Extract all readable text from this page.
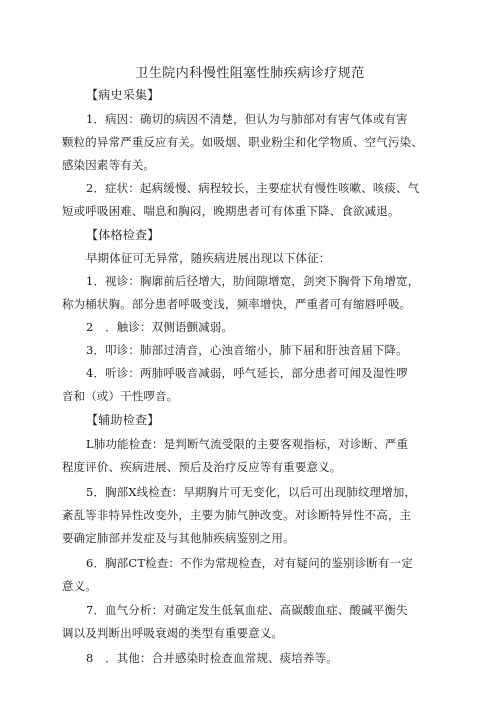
卫生院内科慢性阻塞性肺疾病诊疗规范
【病史采集】
1．病因：确切的病因不清楚，但认为与肺部对有害气体或有害
颗粒的异常严重反应有关。如吸烟、职业粉尘和化学物质、空气污染、
感染因素等有关。
2．症状：起病缓慢、病程较长，主要症状有慢性咳嗽、咳痰、气
短或呼吸困难、喘息和胸闷，晚期患者可有体重下降、食欲减退。
【体格检查】
早期体征可无异常，随疾病进展出现以下体征：
1．视诊：胸廓前后径增大，肋间隙增宽，剑突下胸骨下角增宽，
称为桶状胸。部分患者呼吸变浅，频率增快，严重者可有缩唇呼吸。
2　．触诊：双侧语颤减弱。
3．叩诊：肺部过清音，心浊音缩小，肺下届和肝浊音届下降。
4．听诊：两肺呼吸音减弱，呼气延长，部分患者可闻及湿性啰
音和（或）干性啰音。
【辅助检查】
L肺功能检查：是判断气流受限的主要客观指标，对诊断、严重
程度评价、疾病进展、预后及治疗反应等有重要意义。
5．胸部X线检查：早期胸片可无变化，以后可出现肺纹理增加，
紊乱等非特异性改变外，主要为肺气肿改变。对诊断特异性不高，主
要确定肺部并发症及与其他肺疾病鉴别之用。
6．胸部CT检查：不作为常规检查，对有疑问的鉴别诊断有一定
意义。
7．血气分析：对确定发生低氧血症、高碳酸血症、酸碱平衡失
调以及判断出呼吸衰竭的类型有重要意义。
8　．其他：合并感染时检查血常规、痰培养等。
